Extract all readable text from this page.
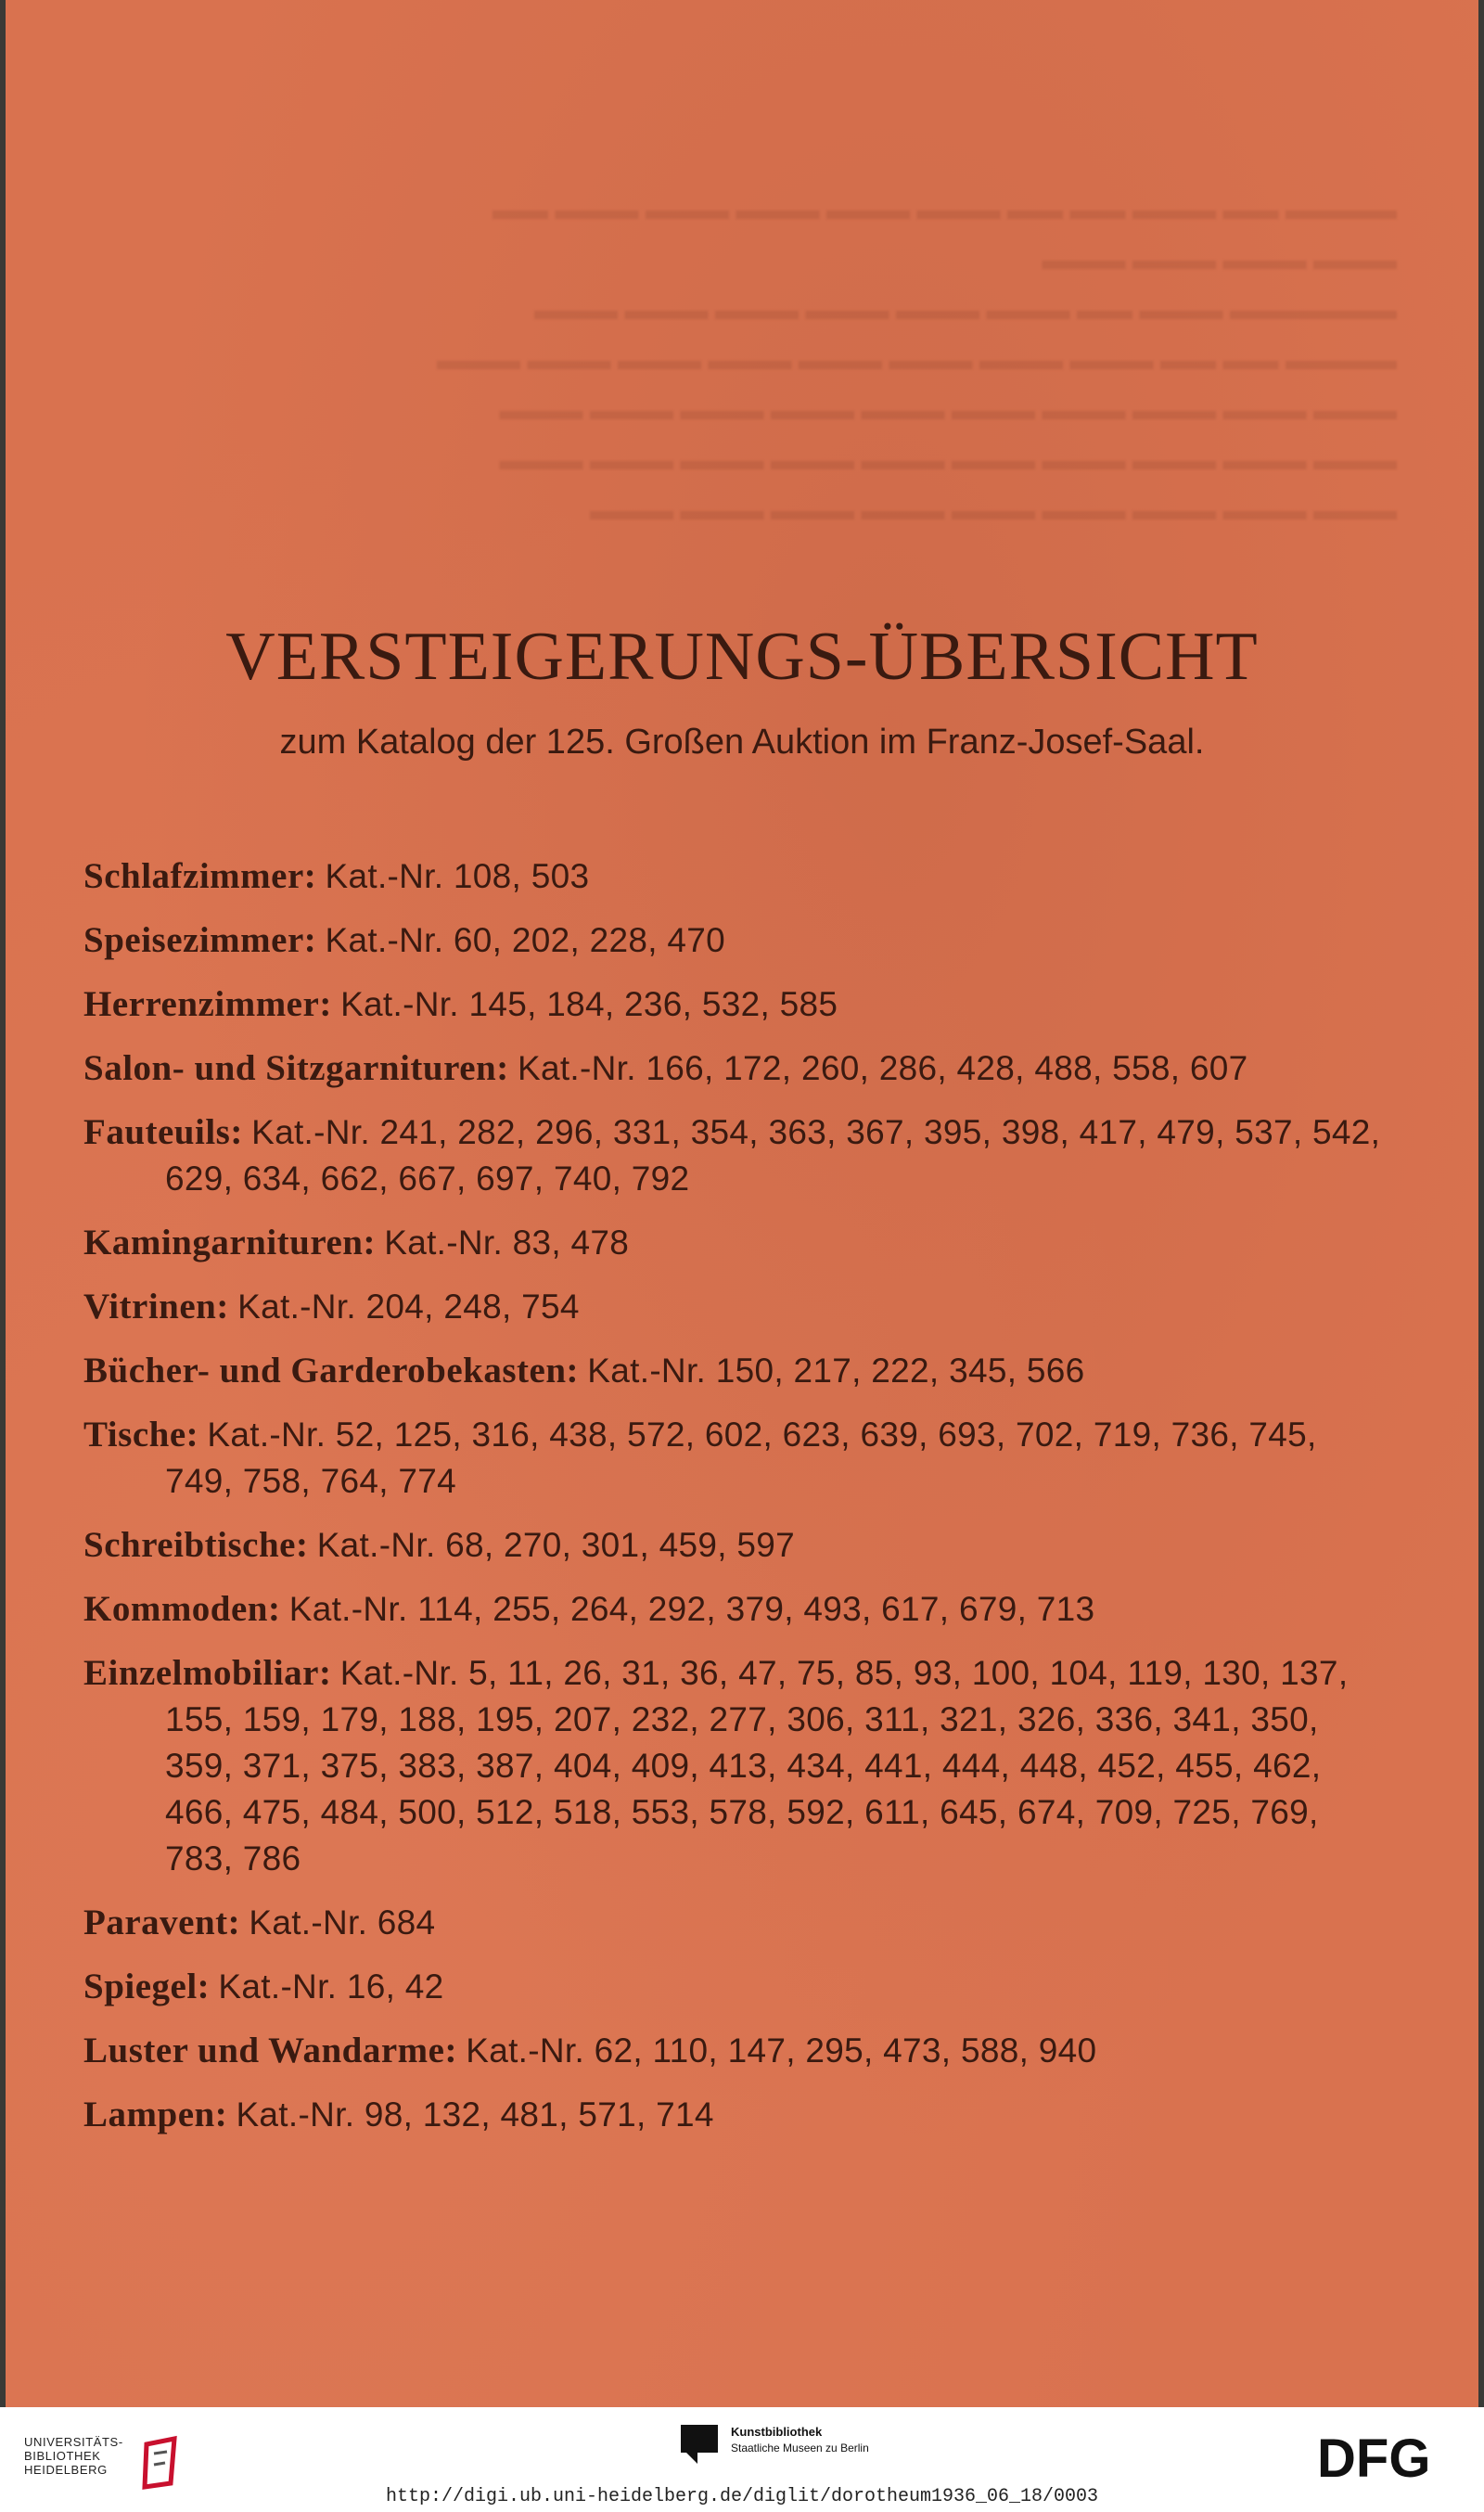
▬▬▬▬ ▬▬ ▬▬▬ ▬▬ ▬▬ ▬▬▬ ▬▬▬ ▬▬▬ ▬▬▬ ▬▬▬ ▬▬
▬▬▬ ▬▬▬ ▬▬▬ ▬▬▬
▬▬▬▬▬▬ ▬▬▬ ▬▬ ▬▬▬ ▬▬▬ ▬▬▬ ▬▬▬ ▬▬▬ ▬▬▬
▬▬▬▬ ▬▬ ▬▬ ▬▬▬ ▬▬▬ ▬▬▬ ▬▬▬ ▬▬▬ ▬▬▬ ▬▬▬ ▬▬▬
▬▬▬ ▬▬▬ ▬▬▬ ▬▬▬ ▬▬▬ ▬▬▬ ▬▬▬ ▬▬▬ ▬▬▬ ▬▬▬
▬▬▬ ▬▬▬ ▬▬▬ ▬▬▬ ▬▬▬ ▬▬▬ ▬▬▬ ▬▬▬ ▬▬▬ ▬▬▬
▬▬▬ ▬▬▬ ▬▬▬ ▬▬▬ ▬▬▬ ▬▬▬ ▬▬▬ ▬▬▬ ▬▬▬
VERSTEIGERUNGS-ÜBERSICHT
zum Katalog der 125. Großen Auktion im Franz-Josef-Saal.
Schlafzimmer: Kat.-Nr. 108, 503
Speisezimmer: Kat.-Nr. 60, 202, 228, 470
Herrenzimmer: Kat.-Nr. 145, 184, 236, 532, 585
Salon- und Sitzgarnituren: Kat.-Nr. 166, 172, 260, 286, 428, 488, 558, 607
Fauteuils: Kat.-Nr. 241, 282, 296, 331, 354, 363, 367, 395, 398, 417, 479, 537, 542, 629, 634, 662, 667, 697, 740, 792
Kamingarnituren: Kat.-Nr. 83, 478
Vitrinen: Kat.-Nr. 204, 248, 754
Bücher- und Garderobekasten: Kat.-Nr. 150, 217, 222, 345, 566
Tische: Kat.-Nr. 52, 125, 316, 438, 572, 602, 623, 639, 693, 702, 719, 736, 745, 749, 758, 764, 774
Schreibtische: Kat.-Nr. 68, 270, 301, 459, 597
Kommoden: Kat.-Nr. 114, 255, 264, 292, 379, 493, 617, 679, 713
Einzelmobiliar: Kat.-Nr. 5, 11, 26, 31, 36, 47, 75, 85, 93, 100, 104, 119, 130, 137, 155, 159, 179, 188, 195, 207, 232, 277, 306, 311, 321, 326, 336, 341, 350, 359, 371, 375, 383, 387, 404, 409, 413, 434, 441, 444, 448, 452, 455, 462, 466, 475, 484, 500, 512, 518, 553, 578, 592, 611, 645, 674, 709, 725, 769, 783, 786
Paravent: Kat.-Nr. 684
Spiegel: Kat.-Nr. 16, 42
Luster und Wandarme: Kat.-Nr. 62, 110, 147, 295, 473, 588, 940
Lampen: Kat.-Nr. 98, 132, 481, 571, 714
UNIVERSITÄTS-
BIBLIOTHEK
HEIDELBERG
Kunstbibliothek
Staatliche Museen zu Berlin	DFG
http://digi.ub.uni-heidelberg.de/diglit/dorotheum1936_06_18/0003
